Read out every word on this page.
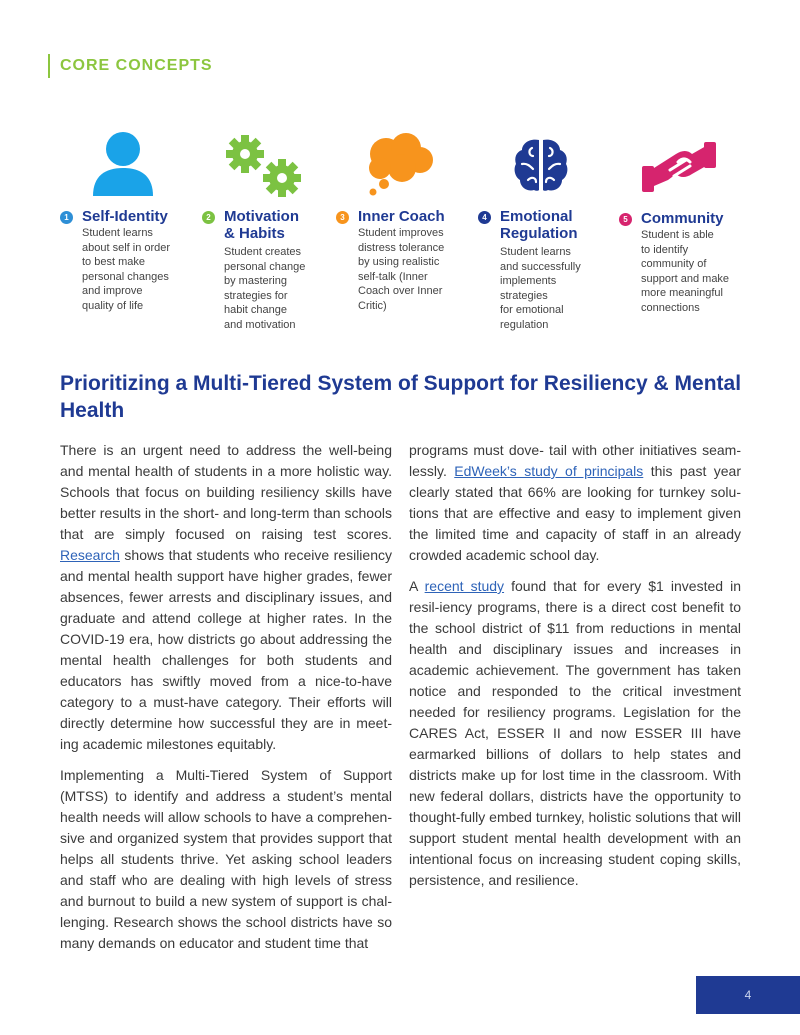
CORE CONCEPTS
1 Self-Identity
Student learns
about self in order
to best make
personal changes
and improve
quality of life
2 Motivation
& Habits
Student creates
personal change
by mastering
strategies for
habit change
and motivation
3 Inner Coach
Student improves
distress tolerance
by using realistic
self-talk (Inner
Coach over Inner
Critic)
4 Emotional
Regulation
Student learns
and successfully
implements
strategies
for emotional
regulation
5 Community
Student is able
to identify
community of
support and make
more meaningful
connections
Prioritizing a Multi-Tiered System of Support for Resiliency & Mental Health

There is an urgent need to address the well-being and mental health of students in a more holistic way. Schools that focus on building resiliency skills have better results in the short- and long-term than schools that are simply focused on raising test scores. Research shows that students who receive resiliency and mental health support have higher grades, fewer absences, fewer arrests and disciplinary issues, and graduate and attend college at higher rates. In the COVID-19 era, how districts go about addressing the mental health challenges for both students and educators has swiftly moved from a nice-to-have category to a must-have category. Their efforts will directly determine how successful they are in meet-ing academic milestones equitably.

Implementing a Multi-Tiered System of Support (MTSS) to identify and address a student’s mental health needs will allow schools to have a comprehen-sive and organized system that provides support that helps all students thrive. Yet asking school leaders and staff who are dealing with high levels of stress and burnout to build a new system of support is chal-lenging. Research shows the school districts have so many demands on educator and student time that

programs must dove- tail with other initiatives seam-lessly. EdWeek’s study of principals this past year clearly stated that 66% are looking for turnkey solu-tions that are effective and easy to implement given the limited time and capacity of staff in an already crowded academic school day.

A recent study found that for every $1 invested in resil-iency programs, there is a direct cost benefit to the school district of $11 from reductions in mental health and disciplinary issues and increases in academic achievement. The government has taken notice and responded to the critical investment needed for resiliency programs. Legislation for the CARES Act, ESSER II and now ESSER III have earmarked billions of dollars to help states and districts make up for lost time in the classroom. With new federal dollars, districts have the opportunity to thought-fully embed turnkey, holistic solutions that will support student mental health development with an intentional focus on increasing student coping skills, persistence, and resilience.

4
